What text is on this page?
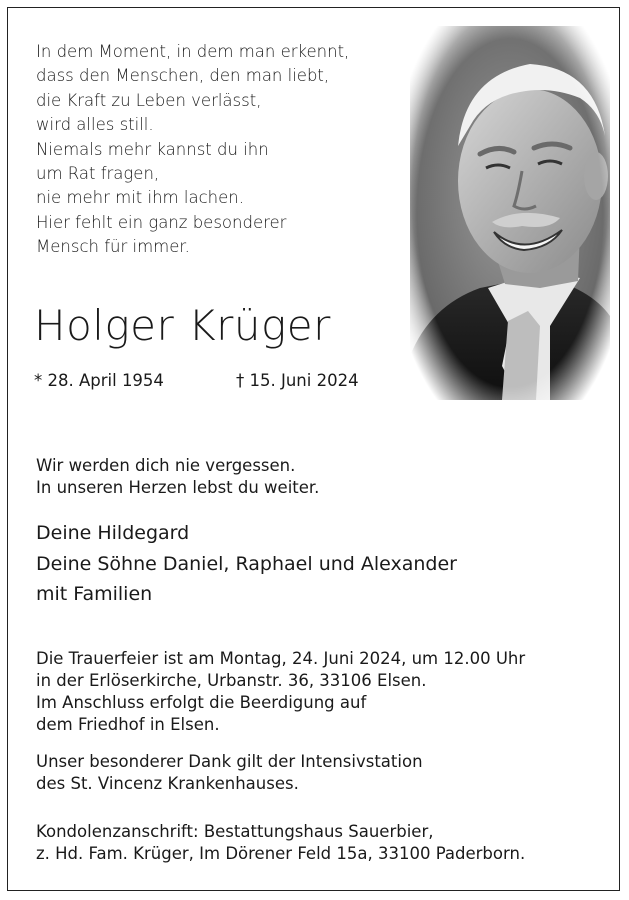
In dem Moment, in dem man erkennt,
dass den Menschen, den man liebt,
die Kraft zu Leben verlässt,
wird alles still.
Niemals mehr kannst du ihn
um Rat fragen,
nie mehr mit ihm lachen.
Hier fehlt ein ganz besonderer
Mensch für immer.
Holger Krüger
* 28. April 1954	† 15. Juni 2024
Wir werden dich nie vergessen.
In unseren Herzen lebst du weiter.
Deine Hildegard
Deine Söhne Daniel, Raphael und Alexander
mit Familien
Die Trauerfeier ist am Montag, 24. Juni 2024, um 12.00 Uhr
in der Erlöserkirche, Urbanstr. 36, 33106 Elsen.
Im Anschluss erfolgt die Beerdigung auf
dem Friedhof in Elsen.
Unser besonderer Dank gilt der Intensivstation
des St. Vincenz Krankenhauses.
Kondolenzanschrift: Bestattungshaus Sauerbier,
z. Hd. Fam. Krüger, Im Dörener Feld 15a, 33100 Paderborn.
